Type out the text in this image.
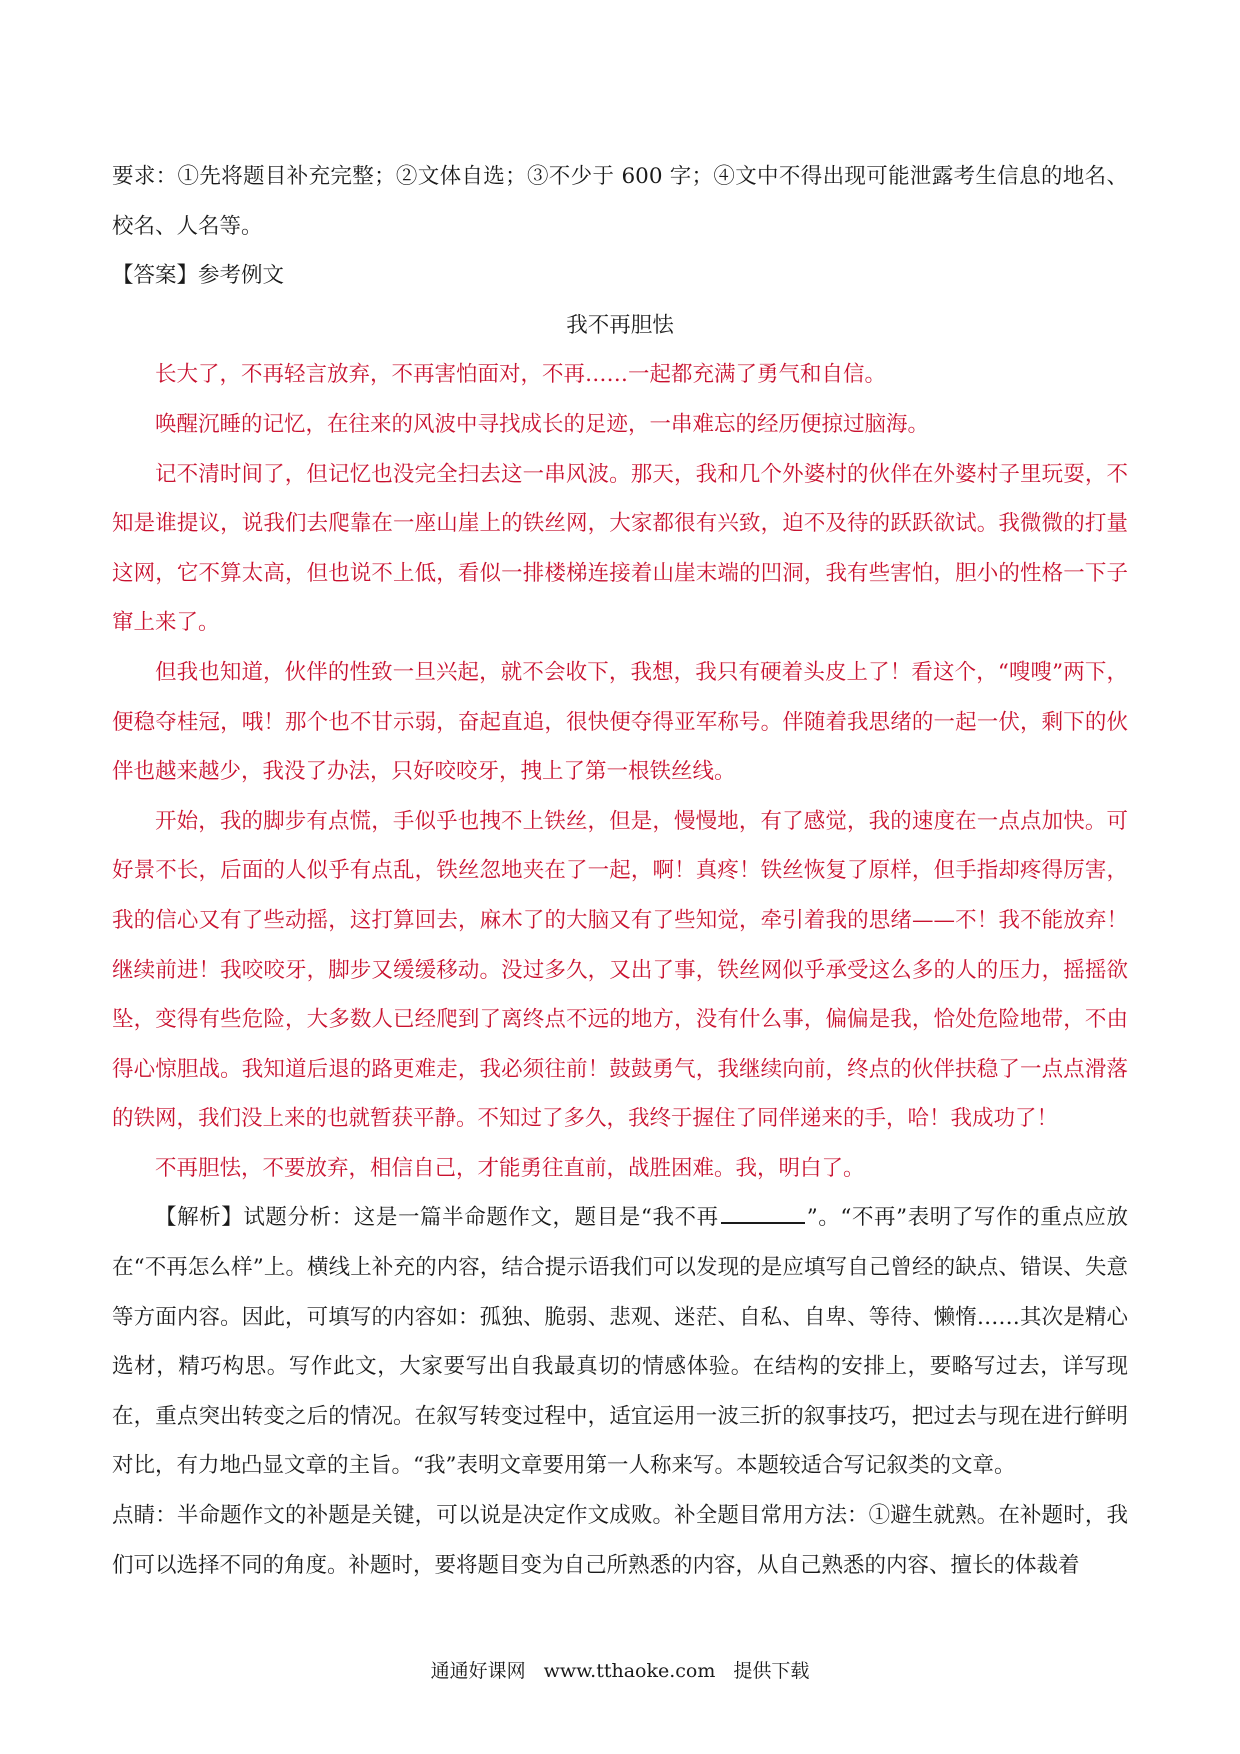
要求：①先将题目补充完整；②文体自选；③不少于 600 字；④文中不得出现可能泄露考生信息的地名、校名、人名等。

【答案】参考例文

我不再胆怯

长大了，不再轻言放弃，不再害怕面对，不再……一起都充满了勇气和自信。

唤醒沉睡的记忆，在往来的风波中寻找成长的足迹，一串难忘的经历便掠过脑海。

记不清时间了，但记忆也没完全扫去这一串风波。那天，我和几个外婆村的伙伴在外婆村子里玩耍，不知是谁提议，说我们去爬靠在一座山崖上的铁丝网，大家都很有兴致，迫不及待的跃跃欲试。我微微的打量这网，它不算太高，但也说不上低，看似一排楼梯连接着山崖末端的凹洞，我有些害怕，胆小的性格一下子窜上来了。

但我也知道，伙伴的性致一旦兴起，就不会收下，我想，我只有硬着头皮上了！看这个，“嗖嗖”两下，便稳夺桂冠，哦！那个也不甘示弱，奋起直追，很快便夺得亚军称号。伴随着我思绪的一起一伏，剩下的伙伴也越来越少，我没了办法，只好咬咬牙，拽上了第一根铁丝线。

开始，我的脚步有点慌，手似乎也拽不上铁丝，但是，慢慢地，有了感觉，我的速度在一点点加快。可好景不长，后面的人似乎有点乱，铁丝忽地夹在了一起，啊！真疼！铁丝恢复了原样，但手指却疼得厉害，我的信心又有了些动摇，这打算回去，麻木了的大脑又有了些知觉，牵引着我的思绪——不！我不能放弃！继续前进！我咬咬牙，脚步又缓缓移动。没过多久，又出了事，铁丝网似乎承受这么多的人的压力，摇摇欲坠，变得有些危险，大多数人已经爬到了离终点不远的地方，没有什么事，偏偏是我，恰处危险地带，不由得心惊胆战。我知道后退的路更难走，我必须往前！鼓鼓勇气，我继续向前，终点的伙伴扶稳了一点点滑落的铁网，我们没上来的也就暂获平静。不知过了多久，我终于握住了同伴递来的手，哈！我成功了！

不再胆怯，不要放弃，相信自己，才能勇往直前，战胜困难。我，明白了。

【解析】试题分析：这是一篇半命题作文，题目是“我不再	”。“不再”表明了写作的重点应放在“不再怎么样”上。横线上补充的内容，结合提示语我们可以发现的是应填写自己曾经的缺点、错误、失意等方面内容。因此，可填写的内容如：孤独、脆弱、悲观、迷茫、自私、自卑、等待、懒惰……其次是精心选材，精巧构思。写作此文，大家要写出自我最真切的情感体验。在结构的安排上，要略写过去，详写现在，重点突出转变之后的情况。在叙写转变过程中，适宜运用一波三折的叙事技巧，把过去与现在进行鲜明对比，有力地凸显文章的主旨。“我”表明文章要用第一人称来写。本题较适合写记叙类的文章。

点睛：半命题作文的补题是关键，可以说是决定作文成败。补全题目常用方法：①避生就熟。在补题时，我们可以选择不同的角度。补题时，要将题目变为自己所熟悉的内容，从自己熟悉的内容、擅长的体裁着

通通好课网 www.tthaoke.com 提供下载
